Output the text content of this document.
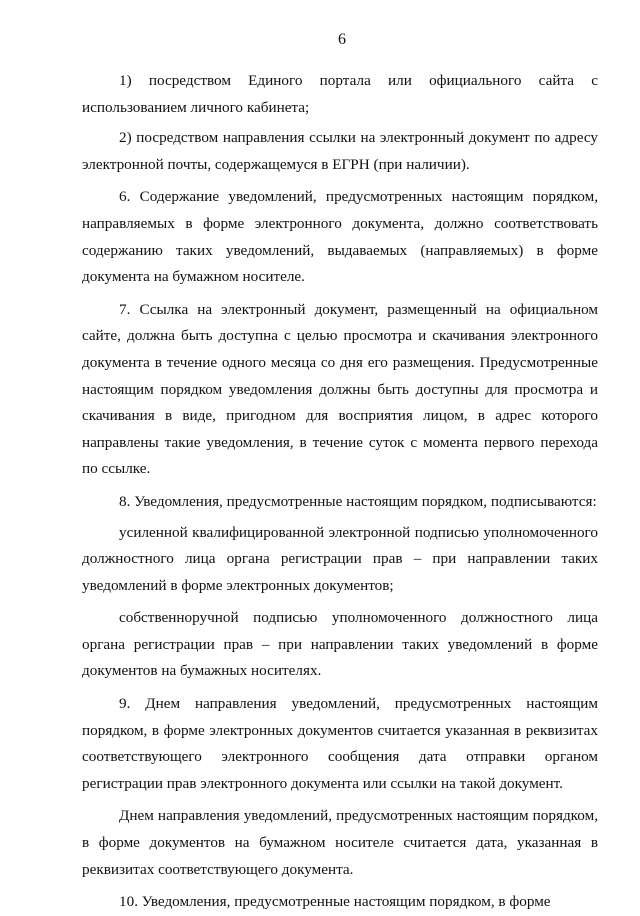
6

1) посредством Единого портала или официального сайта с использованием личного кабинета;

2) посредством направления ссылки на электронный документ по адресу электронной почты, содержащемуся в ЕГРН (при наличии).

6. Содержание уведомлений, предусмотренных настоящим порядком, направляемых в форме электронного документа, должно соответствовать содержанию таких уведомлений, выдаваемых (направляемых) в форме документа на бумажном носителе.

7. Ссылка на электронный документ, размещенный на официальном сайте, должна быть доступна с целью просмотра и скачивания электронного документа в течение одного месяца со дня его размещения. Предусмотренные настоящим порядком уведомления должны быть доступны для просмотра и скачивания в виде, пригодном для восприятия лицом, в адрес которого направлены такие уведомления, в течение суток с момента первого перехода по ссылке.

8. Уведомления, предусмотренные настоящим порядком, подписываются:

усиленной квалифицированной электронной подписью уполномоченного должностного лица органа регистрации прав – при направлении таких уведомлений в форме электронных документов;

собственноручной подписью уполномоченного должностного лица органа регистрации прав – при направлении таких уведомлений в форме документов на бумажных носителях.

9. Днем направления уведомлений, предусмотренных настоящим порядком, в форме электронных документов считается указанная в реквизитах соответствующего электронного сообщения дата отправки органом регистрации прав электронного документа или ссылки на такой документ.

Днем направления уведомлений, предусмотренных настоящим порядком, в форме документов на бумажном носителе считается дата, указанная в реквизитах соответствующего документа.

10. Уведомления, предусмотренные настоящим порядком, в форме
